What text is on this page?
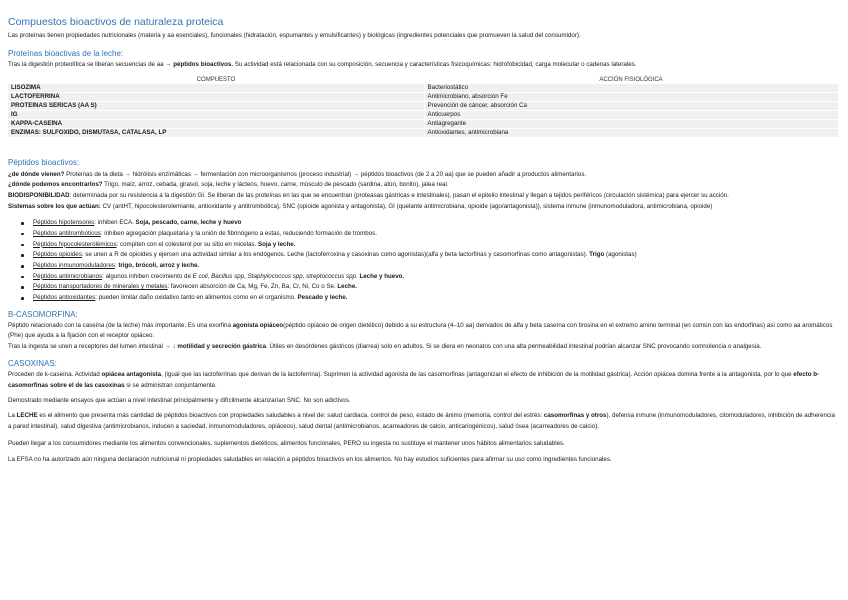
Compuestos bioactivos de naturaleza proteica

Las proteínas tienen propiedades nutricionales (materia y aa esenciales), funcionales (hidratación, espumantes y emulsificantes) y biológicas (ingredientes potenciales que promueven la salud del consumidor).

Proteínas bioactivas de la leche:

Tras la digestión proteolítica se liberan secuencias de aa → péptidos bioactivos. Su actividad está relacionada con su composición, secuencia y características fisicoquímicas: hidrofobicidad, carga molecular o cadenas laterales.

COMPUESTO	ACCIÓN FISIOLÓGICA
LISOZIMA	Bacteriostático
LACTOFERRINA	Antimicrobiano, absorción Fe
PROTEÍNAS SÉRICAS (AA S)	Prevención de cáncer, absorción Ca
IG	Anticuerpos
KAPPA-CASEÍNA	Antiagregante
ENZIMAS: SULFÓXIDO, DISMUTASA, CATALASA, LP	Antioxidantes, antimicrobiana
Péptidos bioactivos:

¿de dónde vienen? Proteínas de la dieta → hidrólisis enzimáticas → fermentación con microorganismos (proceso industrial) → péptidos bioactivos (de 2 a 20 aa) que se pueden añadir a productos alimentarios.

¿dónde podemos encontrarlos? Trigo, maíz, arroz, cebada, girasol, soja, leche y lácteos, huevo, carne, músculo de pescado (sardina, atún, bonito), jalea real.

BIODISPONIBILIDAD: determinada por su resistencia a la digestión GI. Se liberan de las proteínas en las que se encuentran (proteasas gástricas e intestinales), pasan el epitelio intestinal y llegan a tejidos periféricos (circulación sistémica) para ejercer su acción.

Sistemas sobre los que actúan: CV (antHT, hipocolesterolemiante, antioxidante y antitrombótica), SNC (opioide agonista y antagonista), GI (quelante antimicrobiana, opioide (ago/antagonista)), sistema inmune (inmunomoduladora, antimicrobiana, opioide)

Péptidos hipotensores: inhiben ECA. Soja, pescado, carne, leche y huevo
Péptidos antitrombóticos: inhiben agregación plaquetaria y la unión de fibrinógeno a estas, reduciendo formación de trombos.
Péptidos hipocolesterolémicos: compiten con el colesterol por su sitio en micelas. Soja y leche.
Péptidos opioides: se unen a R de opioides y ejercen una actividad similar a los endógenos. Leche (lactoferroxina y casoxinas como agonistas)(alfa y beta lactorfinas y casomorfinas como antagonistas). Trigo (agonistas)
Péptidos inmunomoduladores: trigo, brócoli, arroz y leche.
Péptidos antimicrobianos: algunos inhiben crecimiento de E coli, Bacillus spp, Staphylococcus spp, streptococcus spp. Leche y huevo.
Péptidos transportadores de minerales y metales: favorecen absorción de Ca, Mg, Fe, Zn, Ba, Cr, Ni, Co o Se. Leche.
Péptidos antioxidantes: pueden limitar daño oxidativo tanto en alimentos como en el organismo. Pescado y leche.
B-CASOMORFINA:

Péptido relacionado con la caseína (de la leche) más importante. Es una exorfina agonista opiáceo(péptido opiáceo de origen dietético) debido a su estructura (4–10 aa) derivados de alfa y beta caseína con tirosina en el extremo amino terminal (en común con las endorfinas) así como aa aromáticos (Phe) que ayuda a la fijación con el receptor opiáceo.

Tras la ingesta se unen a receptores del lumen intestinal → ↓ motilidad y secreción gástrica. Útiles en desórdenes gástricos (diarrea) solo en adultos. Si se diera en neonatos con una alta permeabilidad intestinal podrían alcanzar SNC provocando somnolencia o analgesia.

CASOXINAS:

Proceden de k-caseína. Actividad opiácea antagonista, (igual que las lactoferrinas que derivan de la lactoferrina). Suprimen la actividad agonista de las casomorfinas (antagonizan el efecto de inhibición de la motilidad gástrica). Acción opiácea domina frente a la antagonista, por lo que efecto b-casomorfinas sobre el de las casoxinas si se administran conjuntamente.

Demostrado mediante ensayos que actúan a nivel intestinal principalmente y difícilmente alcanzarían SNC. No son adictivos.

La LECHE es el alimento que presenta más cantidad de péptidos bioactivos con propiedades saludables a nivel de: salud cardiaca, control de peso, estado de ánimo (memoria, control del estrés: casomorfinas y otros), defensa inmune (inmunomoduladores, citomoduladores, inhibición de adherencia a pared intestinal), salud digestiva (antimicrobianos, inducen a saciedad, inmunomoduladores, opiáceos), salud dental (antimicrobianos, acarreadores de calcio, anticariogénicos), salud ósea (acarreadores de calcio).

Pueden llegar a los consumidores mediante los alimentos convencionales, suplementos dietéticos, alimentos funcionales, PERO su ingesta no sustituye el mantener unos hábitos alimentarios saludables.

La EFSA no ha autorizado aún ninguna declaración nutricional ni propiedades saludables en relación a péptidos bioactivos en los alimentos. No hay estudios suficientes para afirmar su uso como ingredientes funcionales.
